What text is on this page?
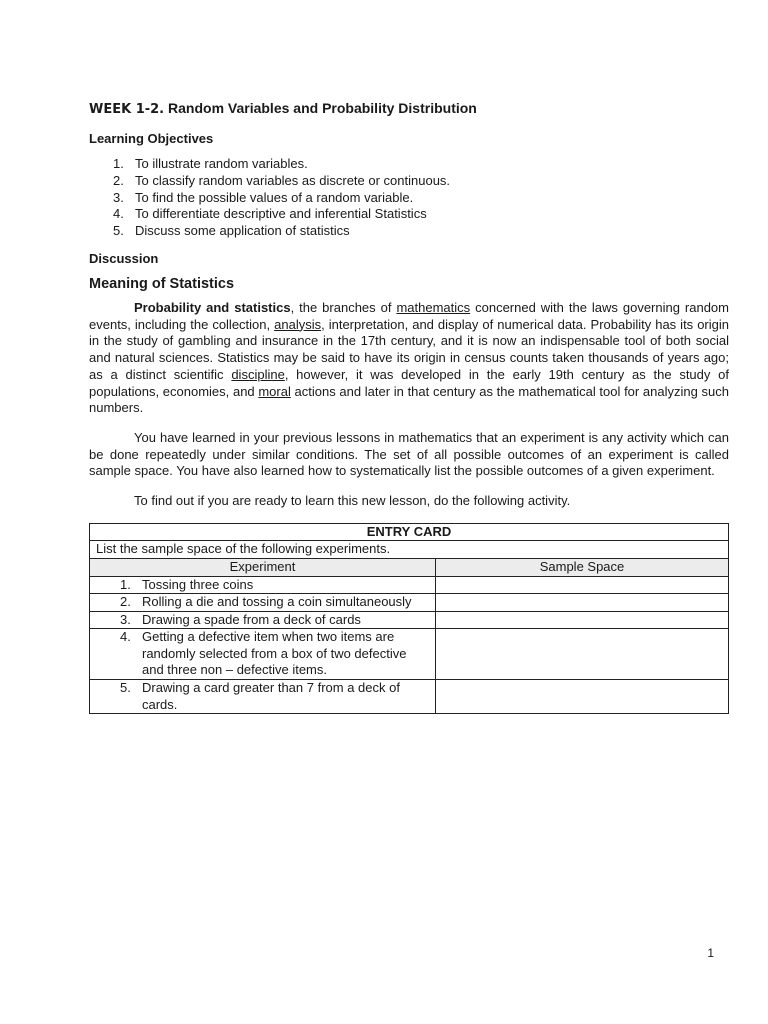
WEEK 1-2. Random Variables and Probability Distribution
Learning Objectives
1. To illustrate random variables.
2. To classify random variables as discrete or continuous.
3. To find the possible values of a random variable.
4. To differentiate descriptive and inferential Statistics
5. Discuss some application of statistics
Discussion
Meaning of Statistics

Probability and statistics, the branches of mathematics concerned with the laws governing random events, including the collection, analysis, interpretation, and display of numerical data. Probability has its origin in the study of gambling and insurance in the 17th century, and it is now an indispensable tool of both social and natural sciences. Statistics may be said to have its origin in census counts taken thousands of years ago; as a distinct scientific discipline, however, it was developed in the early 19th century as the study of populations, economies, and moral actions and later in that century as the mathematical tool for analyzing such numbers.

You have learned in your previous lessons in mathematics that an experiment is any activity which can be done repeatedly under similar conditions. The set of all possible outcomes of an experiment is called sample space. You have also learned how to systematically list the possible outcomes of a given experiment.

To find out if you are ready to learn this new lesson, do the following activity.

ENTRY CARD	
List the sample space of the following experiments.	
Experiment	Sample Space

1. Tossing three coins	

2. Rolling a die and tossing a coin simultaneously	

3. Drawing a spade from a deck of cards	

4. Getting a defective item when two items are randomly selected from a box of two defective and three non – defective items.	

5. Drawing a card greater than 7 from a deck of cards.	

1
